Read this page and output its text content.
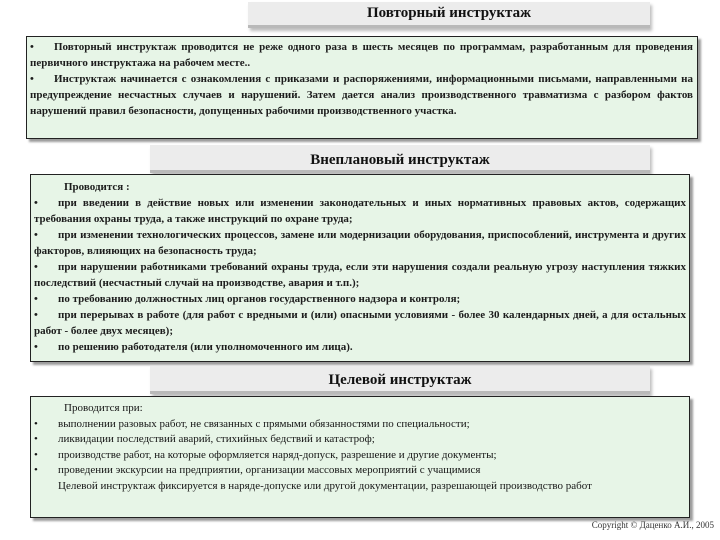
Повторный инструктаж

• Повторный инструктаж проводится не реже одного раза в шесть месяцев по программам, разработанным для проведения первичного инструктажа на рабочем месте..

• Инструктаж начинается с ознакомления с приказами и распоряжениями, информационными письмами, направленными на предупреждение несчастных случаев и нарушений. Затем дается анализ производственного травматизма с разбором фактов нарушений правил безопасности, допущенных рабочими производственного участка.

Внеплановый инструктаж

Проводится :

• при введении в действие новых или изменении законодательных и иных нормативных правовых актов, содержащих требования охраны труда, а также инструкций по охране труда;

• при изменении технологических процессов, замене или модернизации оборудования, приспособлений, инструмента и других факторов, влияющих на безопасность труда;

• при нарушении работниками требований охраны труда, если эти нарушения создали реальную угрозу наступления тяжких последствий (несчастный случай на производстве, авария и т.п.);

• по требованию должностных лиц органов государственного надзора и контроля;

• при перерывах в работе (для работ с вредными и (или) опасными условиями - более 30 календарных дней, а для остальных работ - более двух месяцев);

• по решению работодателя (или уполномоченного им лица).

Целевой инструктаж

Проводится при:

• выполнении разовых работ, не связанных с прямыми обязанностями по специальности;

• ликвидации последствий аварий, стихийных бедствий и катастроф;

• производстве работ, на которые оформляется наряд-допуск, разрешение и другие документы;

• проведении экскурсии на предприятии, организации массовых мероприятий с учащимися

Целевой инструктаж фиксируется в наряде-допуске или другой документации, разрешающей производство работ

Copyright © Даценко А.И., 2005
